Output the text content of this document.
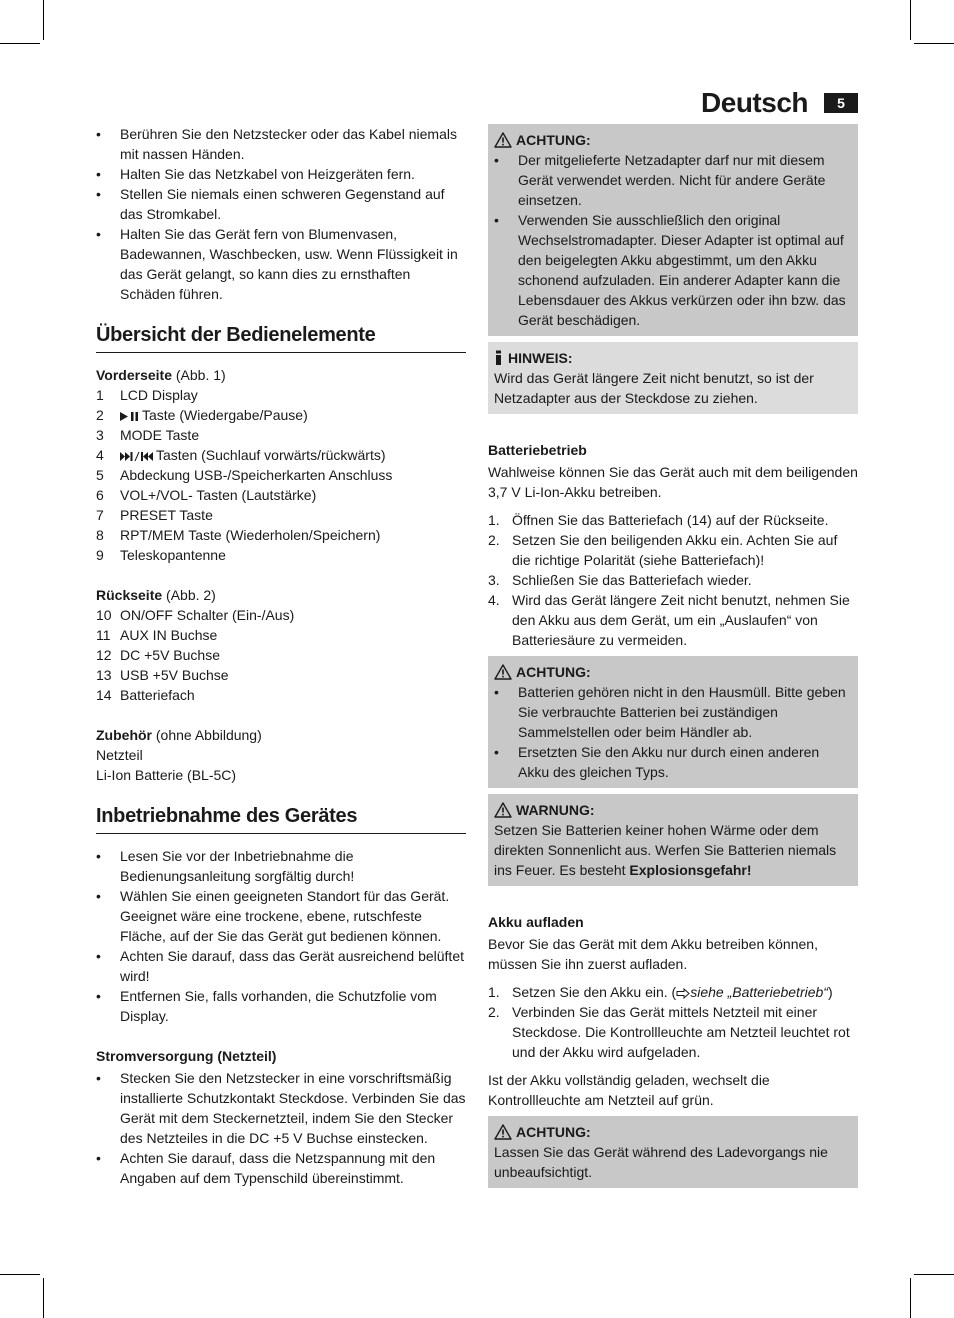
Deutsch	5
• Berühren Sie den Netzstecker oder das Kabel niemals mit nassen Händen.
• Halten Sie das Netzkabel von Heizgeräten fern.
• Stellen Sie niemals einen schweren Gegenstand auf das Stromkabel.
• Halten Sie das Gerät fern von Blumenvasen, Badewannen, Waschbecken, usw. Wenn Flüssigkeit in das Gerät gelangt, so kann dies zu ernsthaften Schäden führen.
Übersicht der Bedienelemente

Vorderseite (Abb. 1)

1 LCD Display
2	Taste (Wiedergabe/Pause)
3 MODE Taste
4	Tasten (Suchlauf vorwärts/rückwärts)
5 Abdeckung USB-/Speicherkarten Anschluss
6 VOL+/VOL- Tasten (Lautstärke)
7 PRESET Taste
8 RPT/MEM Taste (Wiederholen/Speichern)
9 Teleskopantenne

Rückseite (Abb. 2)

10 ON/OFF Schalter (Ein-/Aus)
11 AUX IN Buchse
12 DC +5V Buchse
13 USB +5V Buchse
14 Batteriefach

Zubehör (ohne Abbildung)

Netzteil

Li-Ion Batterie (BL-5C)

Inbetriebnahme des Gerätes
• Lesen Sie vor der Inbetriebnahme die Bedienungsanleitung sorgfältig durch!
• Wählen Sie einen geeigneten Standort für das Gerät. Geeignet wäre eine trockene, ebene, rutschfeste Fläche, auf der Sie das Gerät gut bedienen können.
• Achten Sie darauf, dass das Gerät ausreichend belüftet wird!
• Entfernen Sie, falls vorhanden, die Schutzfolie vom Display.

Stromversorgung (Netzteil)

• Stecken Sie den Netzstecker in eine vorschriftsmäßig installierte Schutzkontakt Steckdose. Verbinden Sie das Gerät mit dem Steckernetzteil, indem Sie den Stecker des Netzteiles in die DC +5 V Buchse einstecken.
• Achten Sie darauf, dass die Netzspannung mit den Angaben auf dem Typenschild übereinstimmt.
ACHTUNG:
• Der mitgelieferte Netzadapter darf nur mit diesem Gerät verwendet werden. Nicht für andere Geräte einsetzen.
• Verwenden Sie ausschließlich den original Wechselstromadapter. Dieser Adapter ist optimal auf den beigelegten Akku abgestimmt, um den Akku schonend aufzuladen. Ein anderer Adapter kann die Lebensdauer des Akkus verkürzen oder ihn bzw. das Gerät beschädigen.
HINWEIS:

Wird das Gerät längere Zeit nicht benutzt, so ist der Netzadapter aus der Steckdose zu ziehen.

Batteriebetrieb

Wahlweise können Sie das Gerät auch mit dem beiligenden 3,7 V Li-Ion-Akku betreiben.

1. Öffnen Sie das Batteriefach (14) auf der Rückseite.
2. Setzen Sie den beiligenden Akku ein. Achten Sie auf die richtige Polarität (siehe Batteriefach)!
3. Schließen Sie das Batteriefach wieder.
4. Wird das Gerät längere Zeit nicht benutzt, nehmen Sie den Akku aus dem Gerät, um ein „Auslaufen“ von Batteriesäure zu vermeiden.
ACHTUNG:
• Batterien gehören nicht in den Hausmüll. Bitte geben Sie verbrauchte Batterien bei zuständigen Sammelstellen oder beim Händler ab.
• Ersetzten Sie den Akku nur durch einen anderen Akku des gleichen Typs.
WARNUNG:

Setzen Sie Batterien keiner hohen Wärme oder dem direkten Sonnenlicht aus. Werfen Sie Batterien niemals ins Feuer. Es besteht Explosionsgefahr!

Akku aufladen

Bevor Sie das Gerät mit dem Akku betreiben können, müssen Sie ihn zuerst aufladen.

1. Setzen Sie den Akku ein. ( siehe „Batteriebetrieb“)
2. Verbinden Sie das Gerät mittels Netzteil mit einer Steckdose. Die Kontrollleuchte am Netzteil leuchtet rot und der Akku wird aufgeladen.

Ist der Akku vollständig geladen, wechselt die Kontrollleuchte am Netzteil auf grün.

ACHTUNG:

Lassen Sie das Gerät während des Ladevorgangs nie unbeaufsichtigt.
